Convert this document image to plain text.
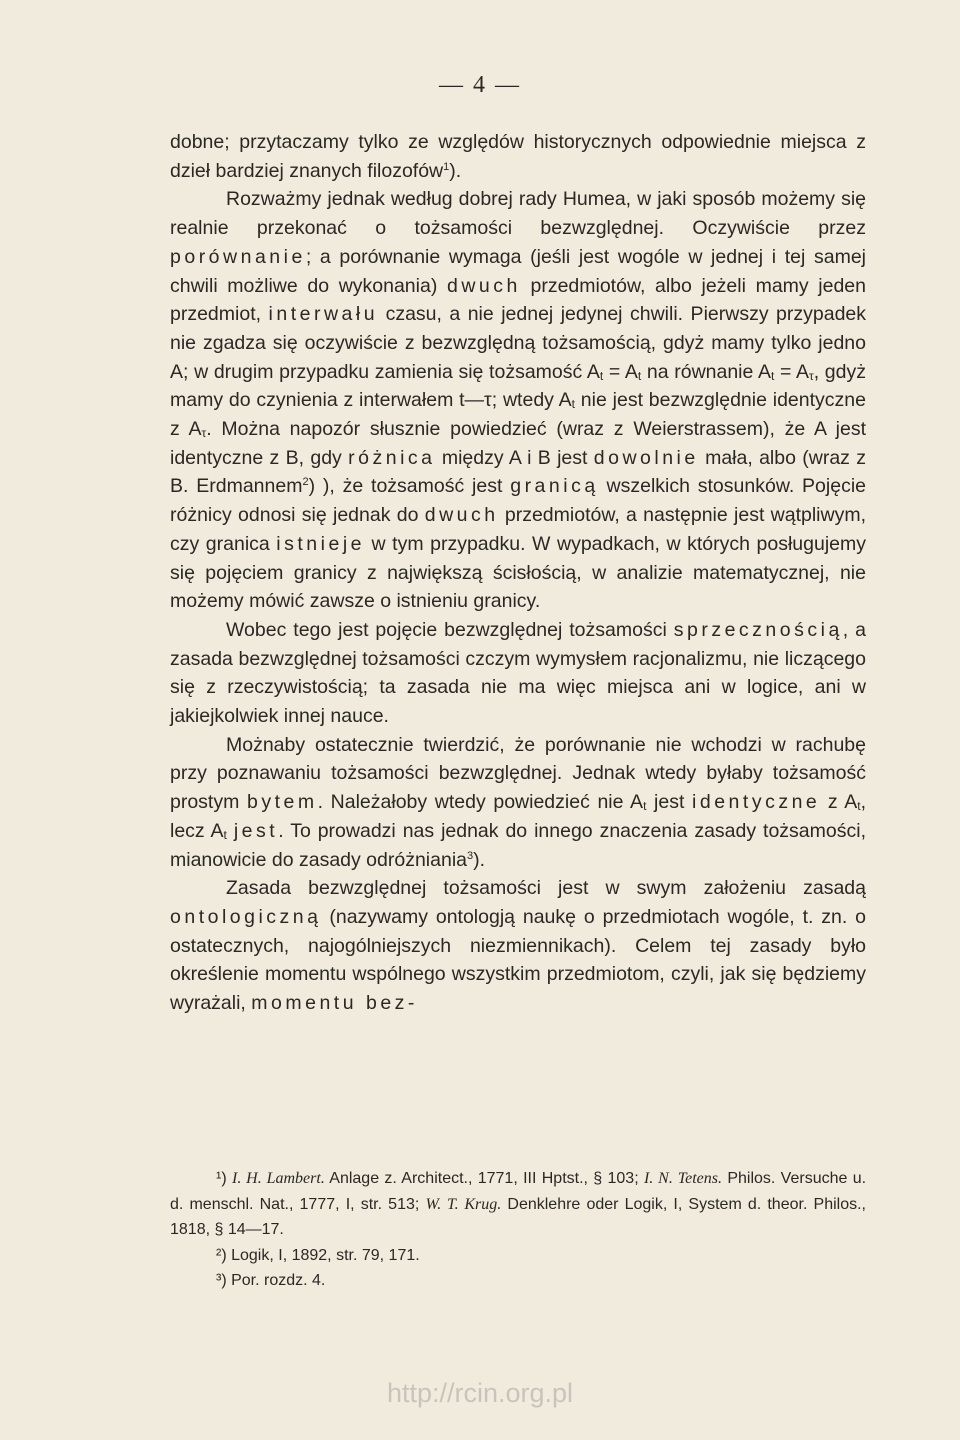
— 4 —

dobne; przytaczamy tylko ze względów historycznych odpowiednie miejsca z dzieł bardziej znanych filozofów$^1$).

Rozważmy jednak według dobrej rady Humea, w jaki sposób możemy się realnie przekonać o tożsamości bezwzględnej. Oczywiście przez porównanie; a porównanie wymaga (jeśli jest wogóle w jednej i tej samej chwili możliwe do wykonania) dwuch przedmiotów, albo jeżeli mamy jeden przedmiot, interwału czasu, a nie jednej jedynej chwili. Pierwszy przypadek nie zgadza się oczywiście z bezwzględną tożsamością, gdyż mamy tylko jedno A; w drugim przypadku zamienia się tożsamość $A_t = A_t$ na równanie $A_t = A_\tau$, gdyż mamy do czynienia z interwałem t—τ; wtedy $A_t$ nie jest bezwzględnie identyczne z $A_\tau$. Można napozór słusznie powiedzieć (wraz z Weierstrassem), że A jest identyczne z B, gdy różnica między A i B jest dowolnie mała, albo (wraz z B. Erdmannem$^2$) ), że tożsamość jest granicą wszelkich stosunków. Pojęcie różnicy odnosi się jednak do dwuch przedmiotów, a następnie jest wątpliwym, czy granica istnieje w tym przypadku. W wypadkach, w których posługujemy się pojęciem granicy z największą ścisłością, w analizie matematycznej, nie możemy mówić zawsze o istnieniu granicy.

Wobec tego jest pojęcie bezwzględnej tożsamości sprzecznością, a zasada bezwzględnej tożsamości czczym wymysłem racjonalizmu, nie liczącego się z rzeczywistością; ta zasada nie ma więc miejsca ani w logice, ani w jakiejkolwiek innej nauce.

Możnaby ostatecznie twierdzić, że porównanie nie wchodzi w rachubę przy poznawaniu tożsamości bezwzględnej. Jednak wtedy byłaby tożsamość prostym bytem. Należałoby wtedy powiedzieć nie $A_t$ jest identyczne z $A_t$, lecz $A_t$ jest. To prowadzi nas jednak do innego znaczenia zasady tożsamości, mianowicie do zasady odróżniania$^3$).

Zasada bezwzględnej tożsamości jest w swym założeniu zasadą ontologiczną (nazywamy ontologją naukę o przedmiotach wogóle, t. zn. o ostatecznych, najogólniejszych niezmiennikach). Celem tej zasady było określenie momentu wspólnego wszystkim przedmiotom, czyli, jak się będziemy wyrażali, momentu bez-

¹) I. H. Lambert. Anlage z. Architect., 1771, III Hptst., § 103; I. N. Tetens. Philos. Versuche u. d. menschl. Nat., 1777, I, str. 513; W. T. Krug. Denklehre oder Logik, I, System d. theor. Philos., 1818, § 14—17.

²) Logik, I, 1892, str. 79, 171.

³) Por. rozdz. 4.

http://rcin.org.pl
